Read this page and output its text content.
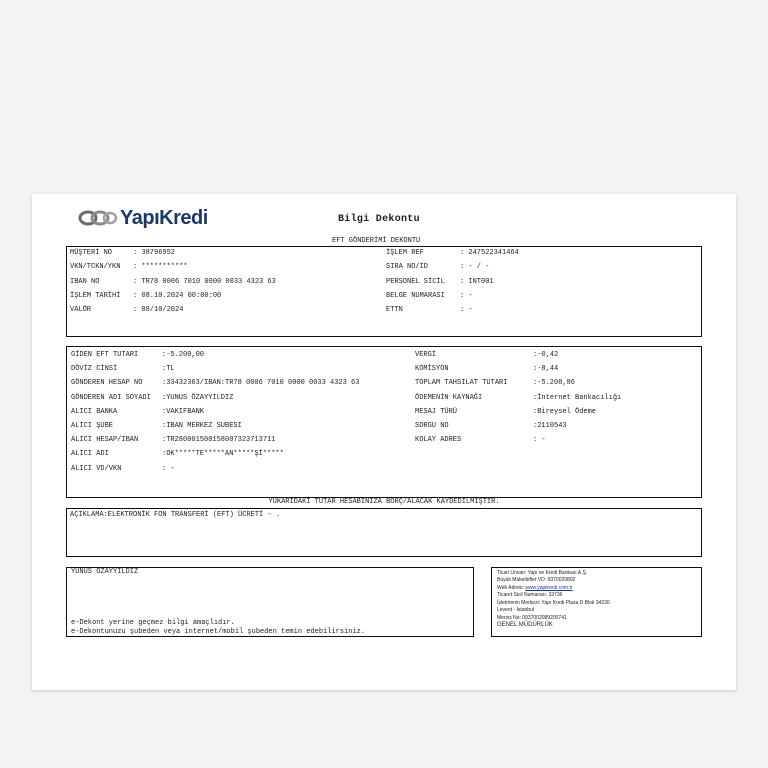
YapıKredi	Bilgi Dekontu
EFT GÖNDERİMİ DEKONTU
YUKARIDAKİ TUTAR HESABINIZA BORÇ/ALACAK KAYDEDİLMİŞTİR.
AÇIKLAMA:ELEKTRONİK FON TRANSFERİ (EFT) ÜCRETİ - .
YUNUS ÖZAYYILDIZ
e-Dekont yerine geçmez bilgi amaçlıdır.
e-Dekontunuzu şubeden veya internet/mobil şubeden temin edebilirsiniz.
Ticari Unvan: Yapı ve Kredi Bankası A.Ş.
Büyük Mükellefler VD: 9370020892
Web Adresi: www.yapikredi.com.tr
Ticaret Sicil Numarası: 32736
İşletmenin Merkezi: Yapı Kredi Plaza D Blok 34330
Levent - İstanbul
Mersis No: 0937002089200741
GENEL MÜDÜRLÜK
MÜŞTERİ NO	: 38796952
VKN/TCKN/YKN : ***********
IBAN NO	: TR78 0006 7010 0000 0033 4323 63
İŞLEM TARİHİ : 08.10.2024 00:00:00
VALÖR	: 08/10/2024
İŞLEM REF	: 247522341464
SIRA NO/ID	: - / -
PERSONEL SİCİL : INT001
BELGE NUMARASI : -
ETTN	: -
GİDEN EFT TUTARI	:-5.200,00
DÖVİZ CİNSİ	:TL
GÖNDEREN HESAP NO	:33432363/IBAN:TR78 0006 7010 0000 0033 4323 63
GÖNDEREN ADI SOYADI :YUNUS ÖZAYYILDIZ
ALICI BANKA	:VAKIFBANK
ALICI ŞUBE	:IBAN MERKEZ SUBESI
ALICI HESAP/IBAN	:TR280001500158007323713711
ALICI ADI	:OK*****TE*****AN*****Şİ*****
ALICI VD/VKN	: -
VERGİ	:-0,42
KOMİSYON	:-8,44
TOPLAM TAHSILAT TUTARI	:-5.208,86
ÖDEMENİN KAYNAĞI	:İnternet Bankacılığı
MESAJ TÜRÜ	:Bireysel Ödeme
SORGU NO	:2110543
KOLAY ADRES	: -
